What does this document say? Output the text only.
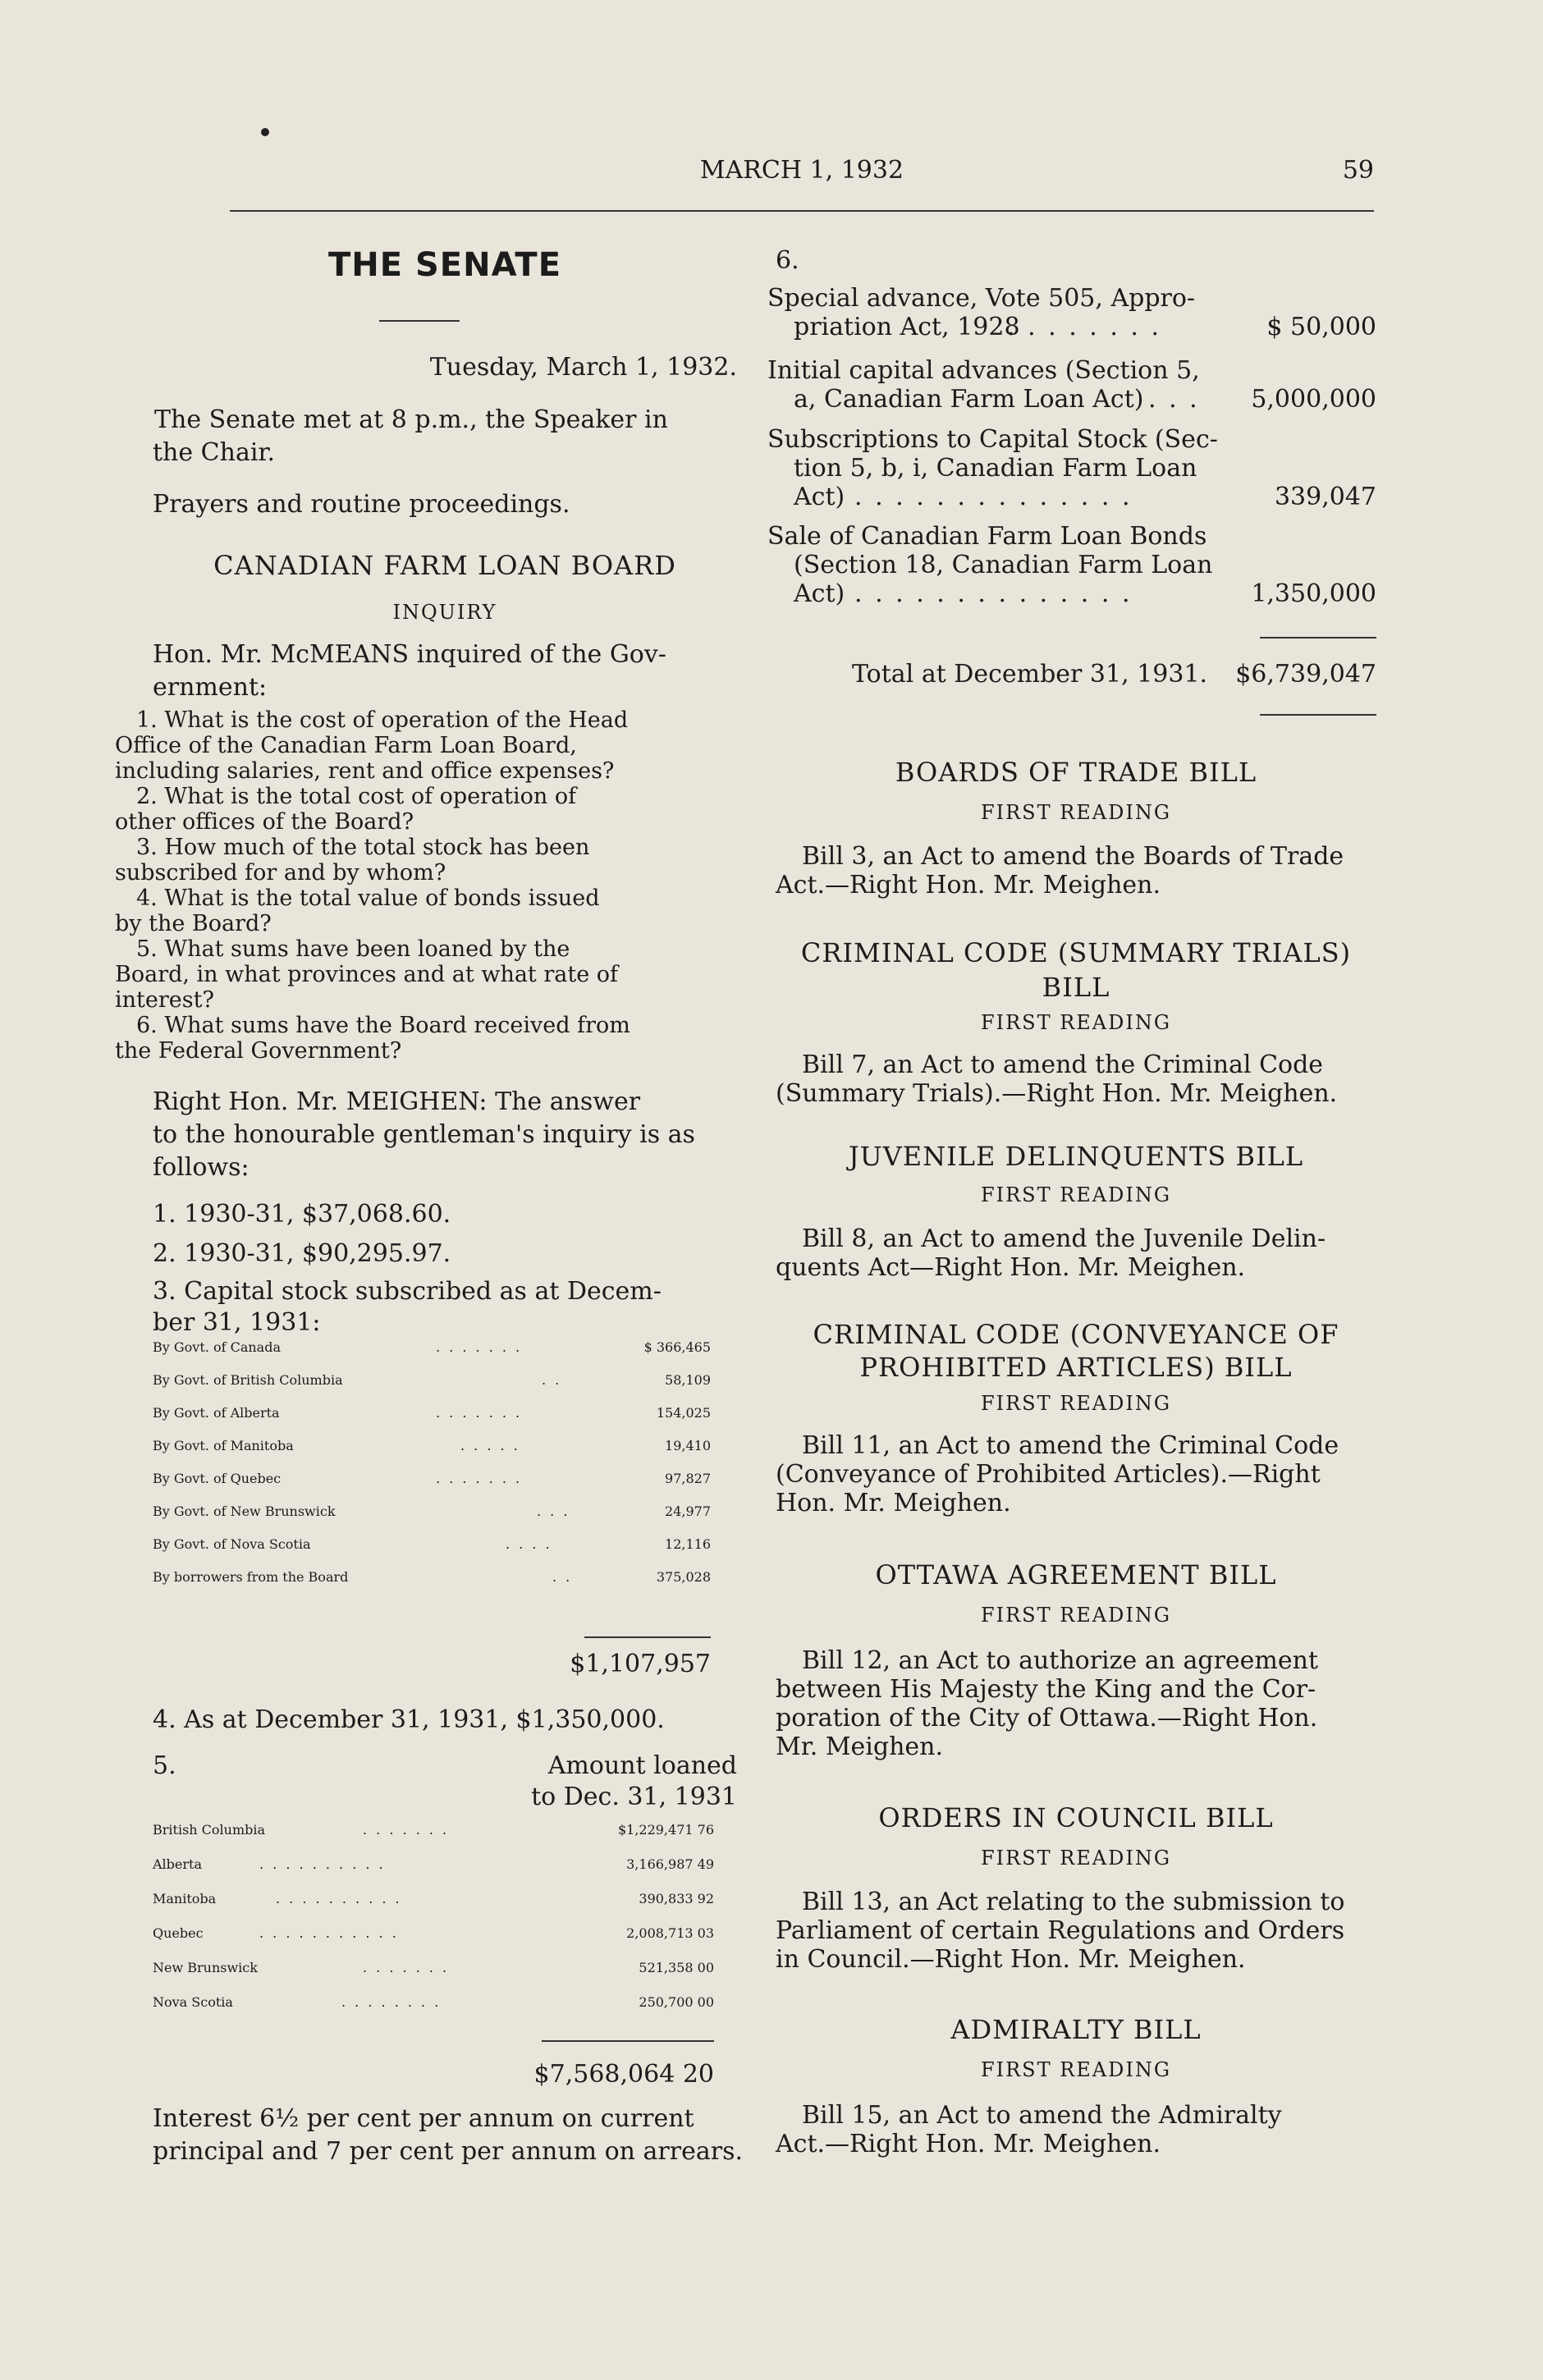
MARCH 1, 1932	59
THE SENATE
Tuesday, March 1, 1932.
The Senate met at 8 p.m., the Speaker in
the Chair.
Prayers and routine proceedings.
CANADIAN FARM LOAN BOARD
INQUIRY
Hon. Mr. McMEANS inquired of the Gov-
ernment:
1. What is the cost of operation of the Head
Office of the Canadian Farm Loan Board,
including salaries, rent and office expenses?
2. What is the total cost of operation of
other offices of the Board?
3. How much of the total stock has been
subscribed for and by whom?
4. What is the total value of bonds issued
by the Board?
5. What sums have been loaned by the
Board, in what provinces and at what rate of
interest?
6. What sums have the Board received from
the Federal Government?
Right Hon. Mr. MEIGHEN: The answer
to the honourable gentleman's inquiry is as
follows:
1. 1930-31, $37,068.60.
2. 1930-31, $90,295.97.
3. Capital stock subscribed as at Decem-
ber 31, 1931:
By Govt. of Canada	. . . . . . .	$ 366,465
By Govt. of British Columbia	. .	58,109
By Govt. of Alberta	. . . . . . .	154,025
By Govt. of Manitoba	. . . . .	19,410
By Govt. of Quebec	. . . . . . .	97,827
By Govt. of New Brunswick	. . .	24,977
By Govt. of Nova Scotia	. . . .	12,116
By borrowers from the Board	. .	375,028
$1,107,957
4. As at December 31, 1931, $1,350,000.
5.	Amount loaned
to Dec. 31, 1931
British Columbia	. . . . . . .	$1,229,471 76
Alberta	. . . . . . . . . .	3,166,987 49
Manitoba	. . . . . . . . . .	390,833 92
Quebec	. . . . . . . . . . .	2,008,713 03
New Brunswick	. . . . . . .	521,358 00
Nova Scotia	. . . . . . . .	250,700 00
$7,568,064 20
Interest 6½ per cent per annum on current
principal and 7 per cent per annum on arrears.
6.
Special advance, Vote 505, Appro-
priation Act, 1928
. . . . . . . .	$ 50,000
Initial capital advances (Section 5,
a, Canadian Farm Loan Act) . . . 5,000,000
Subscriptions to Capital Stock (Sec-
tion 5, b, i, Canadian Farm Loan
Act) . . . . . . . . . . . . . .	339,047
Sale of Canadian Farm Loan Bonds
(Section 18, Canadian Farm Loan
Act) . . . . . . . . . . . . . .	1,350,000
Total at December 31, 1931. $6,739,047
BOARDS OF TRADE BILL
FIRST READING
Bill 3, an Act to amend the Boards of Trade
Act.—Right Hon. Mr. Meighen.
CRIMINAL CODE (SUMMARY TRIALS)
BILL
FIRST READING
Bill 7, an Act to amend the Criminal Code
(Summary Trials).—Right Hon. Mr. Meighen.
JUVENILE DELINQUENTS BILL
FIRST READING
Bill 8, an Act to amend the Juvenile Delin-
quents Act—Right Hon. Mr. Meighen.
CRIMINAL CODE (CONVEYANCE OF
PROHIBITED ARTICLES) BILL
FIRST READING
Bill 11, an Act to amend the Criminal Code
(Conveyance of Prohibited Articles).—Right
Hon. Mr. Meighen.
OTTAWA AGREEMENT BILL
FIRST READING
Bill 12, an Act to authorize an agreement
between His Majesty the King and the Cor-
poration of the City of Ottawa.—Right Hon.
Mr. Meighen.
ORDERS IN COUNCIL BILL
FIRST READING
Bill 13, an Act relating to the submission to
Parliament of certain Regulations and Orders
in Council.—Right Hon. Mr. Meighen.
ADMIRALTY BILL
FIRST READING
Bill 15, an Act to amend the Admiralty
Act.—Right Hon. Mr. Meighen.
